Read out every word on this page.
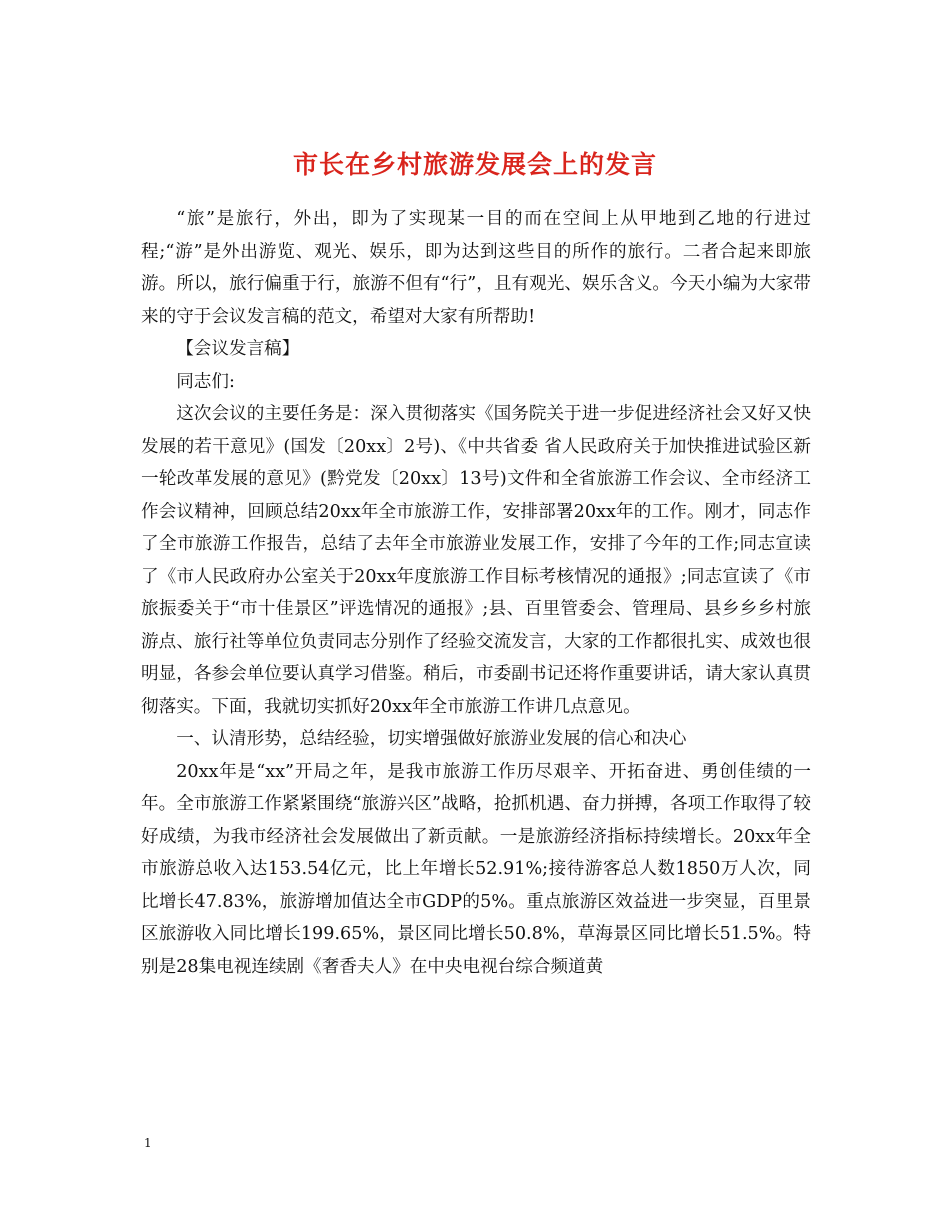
市长在乡村旅游发展会上的发言

“旅”是旅行，外出，即为了实现某一目的而在空间上从甲地到乙地的行进过程;“游”是外出游览、观光、娱乐，即为达到这些目的所作的旅行。二者合起来即旅游。所以，旅行偏重于行，旅游不但有“行”，且有观光、娱乐含义。今天小编为大家带来的守于会议发言稿的范文，希望对大家有所帮助!

【会议发言稿】

同志们:

这次会议的主要任务是：深入贯彻落实《国务院关于进一步促进经济社会又好又快发展的若干意见》(国发〔20xx〕2号)、《中共省委 省人民政府关于加快推进试验区新一轮改革发展的意见》(黔党发〔20xx〕13号)文件和全省旅游工作会议、全市经济工作会议精神，回顾总结20xx年全市旅游工作，安排部署20xx年的工作。刚才，同志作了全市旅游工作报告，总结了去年全市旅游业发展工作，安排了今年的工作;同志宣读了《市人民政府办公室关于20xx年度旅游工作目标考核情况的通报》;同志宣读了《市旅振委关于“市十佳景区”评选情况的通报》;县、百里管委会、管理局、县乡乡乡村旅游点、旅行社等单位负责同志分别作了经验交流发言，大家的工作都很扎实、成效也很明显，各参会单位要认真学习借鉴。稍后，市委副书记还将作重要讲话，请大家认真贯彻落实。下面，我就切实抓好20xx年全市旅游工作讲几点意见。

一、认清形势，总结经验，切实增强做好旅游业发展的信心和决心

20xx年是“xx”开局之年，是我市旅游工作历尽艰辛、开拓奋进、勇创佳绩的一年。全市旅游工作紧紧围绕“旅游兴区”战略，抢抓机遇、奋力拼搏，各项工作取得了较好成绩，为我市经济社会发展做出了新贡献。一是旅游经济指标持续增长。20xx年全市旅游总收入达153.54亿元，比上年增长52.91%;接待游客总人数1850万人次，同比增长47.83%，旅游增加值达全市GDP的5%。重点旅游区效益进一步突显，百里景区旅游收入同比增长199.65%，景区同比增长50.8%，草海景区同比增长51.5%。特别是28集电视连续剧《奢香夫人》在中央电视台综合频道黄

1
